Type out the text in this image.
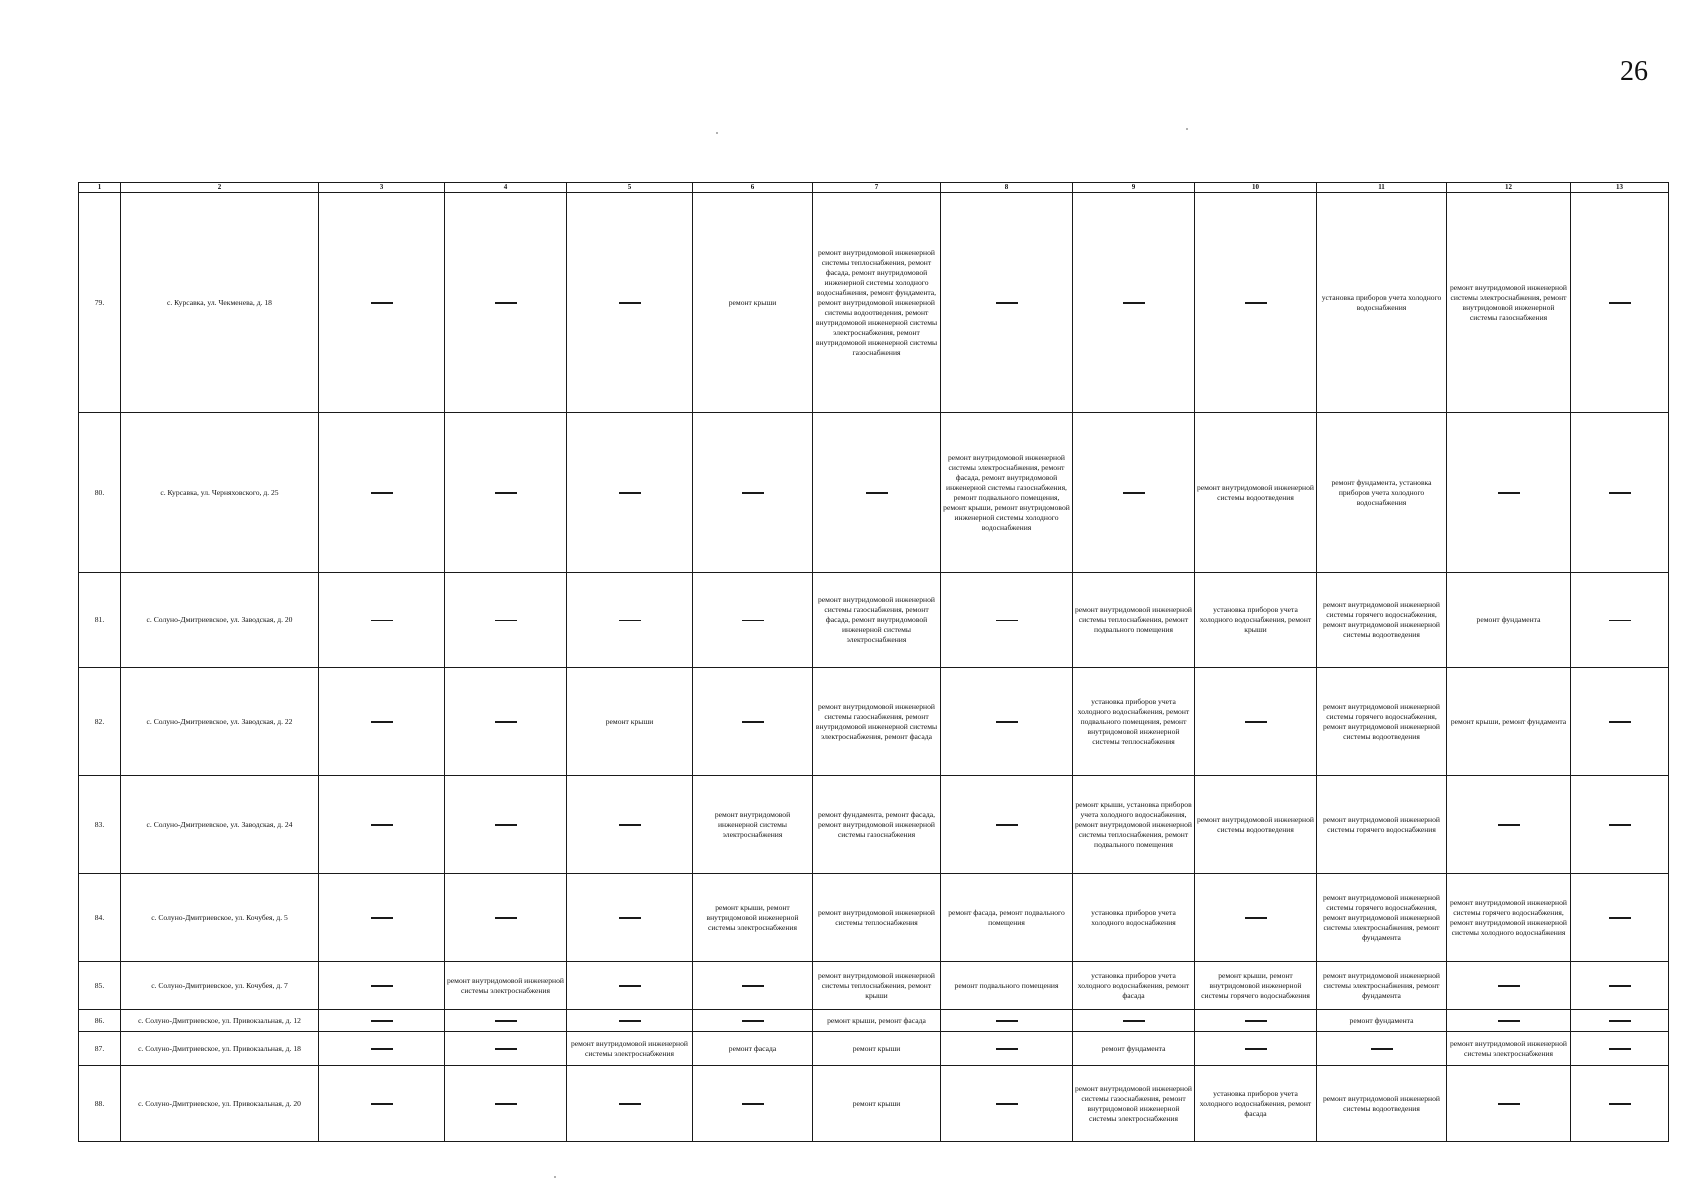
26
1	2	3	4	5	6	7	8	9	10	11	12	13
79.	с. Курсавка, ул. Чекменева, д. 18				ремонт крыши	ремонт внутридомовой инженерной системы теплоснабжения, ремонт фасада, ремонт внутридомовой инженерной системы холодного водоснабжения, ремонт фундамента, ремонт внутридомовой инженерной системы водоотведения, ремонт внутридомовой инженерной системы электроснабжения, ремонт внутридомовой инженерной системы газоснабжения				установка приборов учета холодного водоснабжения	ремонт внутридомовой инженерной системы электроснабжения, ремонт внутридомовой инженерной системы газоснабжения	
80.	с. Курсавка, ул. Черняховского, д. 25						ремонт внутридомовой инженерной системы электроснабжения, ремонт фасада, ремонт внутридомовой инженерной системы газоснабжения, ремонт подвального помещения, ремонт крыши, ремонт внутридомовой инженерной системы холодного водоснабжения		ремонт внутридомовой инженерной системы водоотведения	ремонт фундамента, установка приборов учета холодного водоснабжения		
81.	с. Солуно-Дмитриевское, ул. Заводская, д. 20					ремонт внутридомовой инженерной системы газоснабжения, ремонт фасада, ремонт внутридомовой инженерной системы электроснабжения		ремонт внутридомовой инженерной системы теплоснабжения, ремонт подвального помещения	установка приборов учета холодного водоснабжения, ремонт крыши	ремонт внутридомовой инженерной системы горячего водоснабжения, ремонт внутридомовой инженерной системы водоотведения	ремонт фундамента	
82.	с. Солуно-Дмитриевское, ул. Заводская, д. 22			ремонт крыши		ремонт внутридомовой инженерной системы газоснабжения, ремонт внутридомовой инженерной системы электроснабжения, ремонт фасада		установка приборов учета холодного водоснабжения, ремонт подвального помещения, ремонт внутридомовой инженерной системы теплоснабжения		ремонт внутридомовой инженерной системы горячего водоснабжения, ремонт внутридомовой инженерной системы водоотведения	ремонт крыши, ремонт фундамента	
83.	с. Солуно-Дмитриевское, ул. Заводская, д. 24				ремонт внутридомовой инженерной системы электроснабжения	ремонт фундамента, ремонт фасада, ремонт внутридомовой инженерной системы газоснабжения		ремонт крыши, установка приборов учета холодного водоснабжения, ремонт внутридомовой инженерной системы теплоснабжения, ремонт подвального помещения	ремонт внутридомовой инженерной системы водоотведения	ремонт внутридомовой инженерной системы горячего водоснабжения		
84.	с. Солуно-Дмитриевское, ул. Кочубея, д. 5				ремонт крыши, ремонт внутридомовой инженерной системы электроснабжения	ремонт внутридомовой инженерной системы теплоснабжения	ремонт фасада, ремонт подвального помещения	установка приборов учета холодного водоснабжения		ремонт внутридомовой инженерной системы горячего водоснабжения, ремонт внутридомовой инженерной системы электроснабжения, ремонт фундамента	ремонт внутридомовой инженерной системы горячего водоснабжения, ремонт внутридомовой инженерной системы холодного водоснабжения	
85.	с. Солуно-Дмитриевское, ул. Кочубея, д. 7		ремонт внутридомовой инженерной системы электроснабжения			ремонт внутридомовой инженерной системы теплоснабжения, ремонт крыши	ремонт подвального помещения	установка приборов учета холодного водоснабжения, ремонт фасада	ремонт крыши, ремонт внутридомовой инженерной системы горячего водоснабжения	ремонт внутридомовой инженерной системы электроснабжения, ремонт фундамента		
86.	с. Солуно-Дмитриевское, ул. Привокзальная, д. 12					ремонт крыши, ремонт фасада				ремонт фундамента		
87.	с. Солуно-Дмитриевское, ул. Привокзальная, д. 18			ремонт внутридомовой инженерной системы электроснабжения	ремонт фасада	ремонт крыши		ремонт фундамента			ремонт внутридомовой инженерной системы электроснабжения	
88.	с. Солуно-Дмитриевское, ул. Привокзальная, д. 20					ремонт крыши		ремонт внутридомовой инженерной системы газоснабжения, ремонт внутридомовой инженерной системы электроснабжения	установка приборов учета холодного водоснабжения, ремонт фасада	ремонт внутридомовой инженерной системы водоотведения		
